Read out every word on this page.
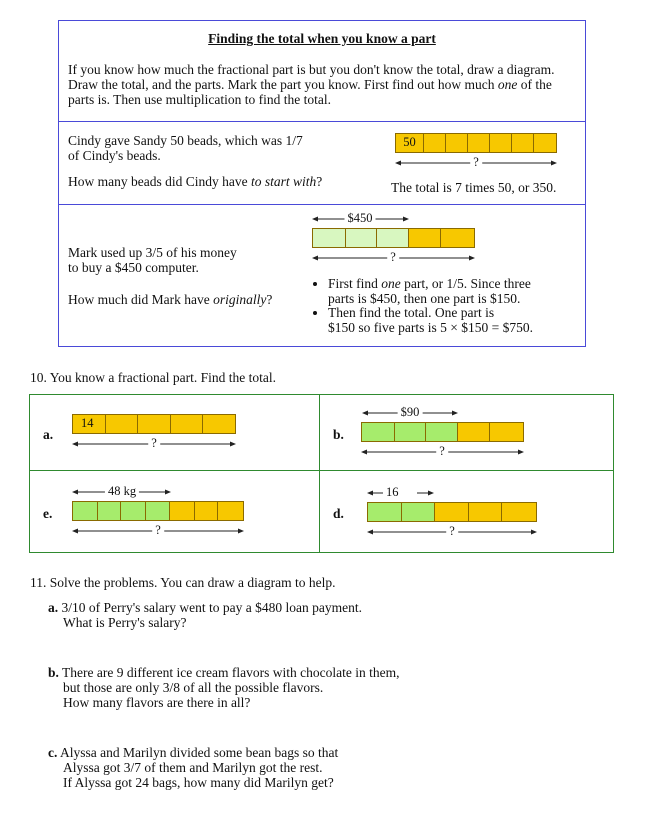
Finding the total when you know a part
If you know how much the fractional part is but you don't know the total, draw a diagram. Draw the total, and the parts. Mark the part you know. First find out how much one of the parts is. Then use multiplication to find the total.
Cindy gave Sandy 50 beads, which was 1/7
of Cindy's beads.
How many beads did Cindy have to start with?
50
?
The total is 7 times 50, or 350.
Mark used up 3/5 of his money
to buy a $450 computer.
How much did Mark have originally?
$450
?
• First find one part, or 1/5. Since three
parts is $450, then one part is $150.
• Then find the total. One part is
$150 so five parts is 5 × $150 = $750.
10. You know a fractional part. Find the total.
a.
14
?
b.
$90
?
e.
48 kg
?
d.
16
?
11. Solve the problems. You can draw a diagram to help.
a. 3/10 of Perry's salary went to pay a $480 loan payment.
What is Perry's salary?
b. There are 9 different ice cream flavors with chocolate in them,
but those are only 3/8 of all the possible flavors.
How many flavors are there in all?
c. Alyssa and Marilyn divided some bean bags so that
Alyssa got 3/7 of them and Marilyn got the rest.
If Alyssa got 24 bags, how many did Marilyn get?
